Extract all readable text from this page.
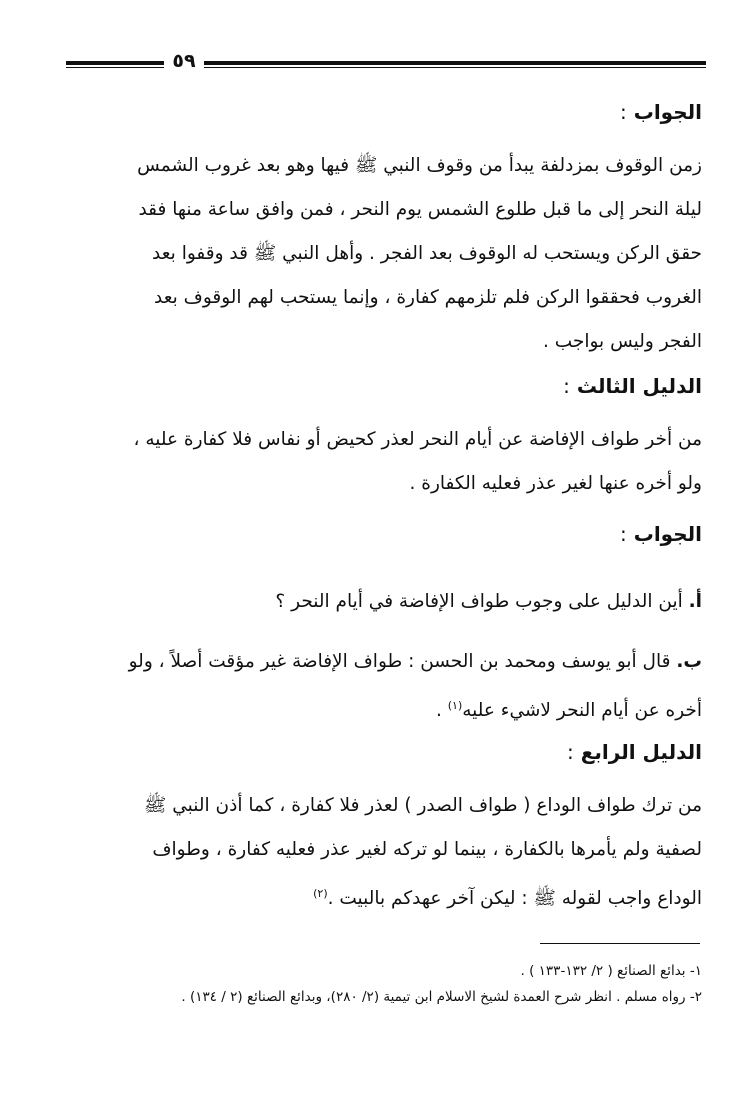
٥٩
الجواب :
زمن الوقوف بمزدلفة يبدأ من وقوف النبي ﷺ فيها وهو بعد غروب الشمس
ليلة النحر إلى ما قبل طلوع الشمس يوم النحر ، فمن وافق ساعة منها فقد
حقق الركن ويستحب له الوقوف بعد الفجر . وأهل النبي ﷺ قد وقفوا بعد
الغروب فحققوا الركن فلم تلزمهم كفارة ، وإنما يستحب لهم الوقوف بعد
الفجر وليس بواجب .
الدليل الثالث :
من أخر طواف الإفاضة عن أيام النحر لعذر كحيض أو نفاس فلا كفارة عليه ،
ولو أخره عنها لغير عذر فعليه الكفارة .
الجواب :
أ. أين الدليل على وجوب طواف الإفاضة في أيام النحر ؟
ب. قال أبو يوسف ومحمد بن الحسن : طواف الإفاضة غير مؤقت أصلاً ، ولو
أخره عن أيام النحر لاشيء عليه$^{(١)}$ .
الدليل الرابع :
من ترك طواف الوداع ( طواف الصدر ) لعذر فلا كفارة ، كما أذن النبي ﷺ
لصفية ولم يأمرها بالكفارة ، بينما لو تركه لغير عذر فعليه كفارة ، وطواف
الوداع واجب لقوله ﷺ : ليكن آخر عهدكم بالبيت .$^{(٢)}$
١- بدائع الصنائع ( ٢/ ١٣٢-١٣٣ ) .
٢- رواه مسلم . انظر شرح العمدة لشيخ الاسلام ابن تيمية (٢/ ٢٨٠)، وبدائع الصنائع (٢ / ١٣٤) .
